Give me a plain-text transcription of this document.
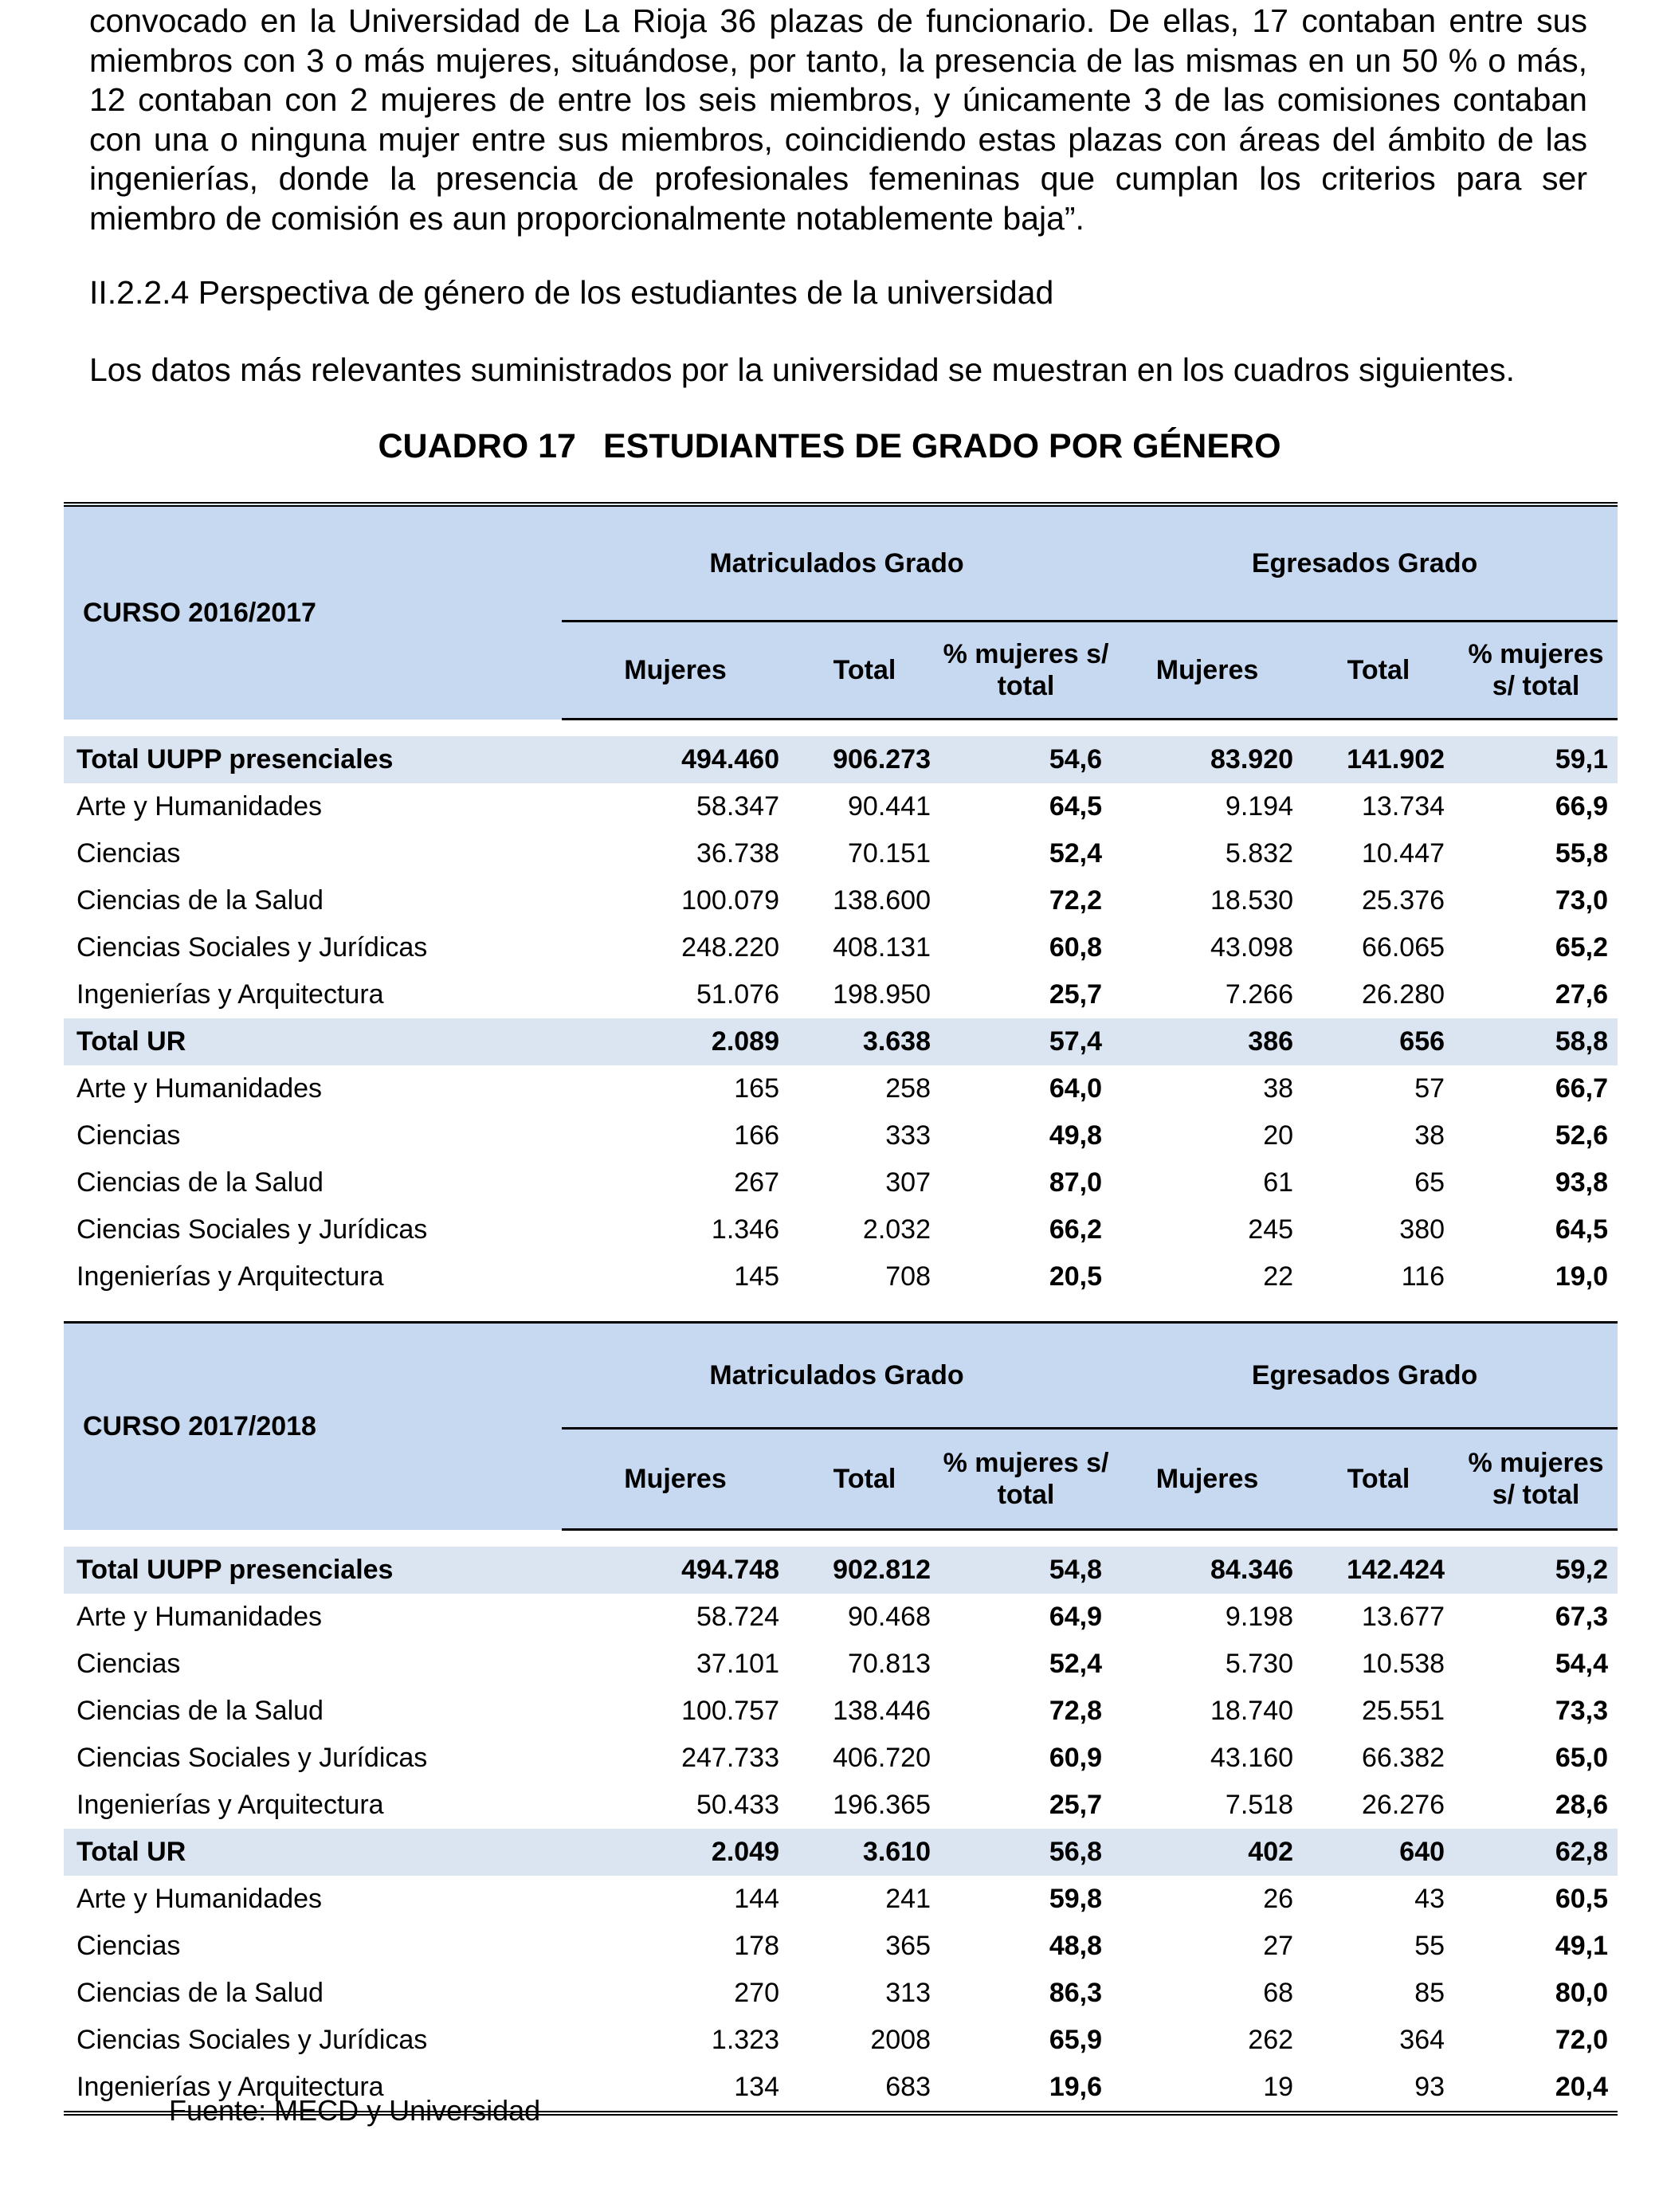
convocado en la Universidad de La Rioja 36 plazas de funcionario. De ellas, 17 contaban entre sus miembros con 3 o más mujeres, situándose, por tanto, la presencia de las mismas en un 50 % o más, 12 contaban con 2 mujeres de entre los seis miembros, y únicamente 3 de las comisiones contaban con una o ninguna mujer entre sus miembros, coincidiendo estas plazas con áreas del ámbito de las ingenierías, donde la presencia de profesionales femeninas que cumplan los criterios para ser miembro de comisión es aun proporcionalmente notablemente baja”.

II.2.2.4 Perspectiva de género de los estudiantes de la universidad

Los datos más relevantes suministrados por la universidad se muestran en los cuadros siguientes.

CUADRO 17 ESTUDIANTES DE GRADO POR GÉNERO

CURSO 2016/2017	Matriculados Grado			Egresados Grado		
	Mujeres	Total	% mujeres s/ total	Mujeres	Total	% mujeres s/ total

Total UUPP presenciales	494.460	906.273	54,6	83.920	141.902	59,1
Arte y Humanidades	58.347	90.441	64,5	9.194	13.734	66,9
Ciencias	36.738	70.151	52,4	5.832	10.447	55,8
Ciencias de la Salud	100.079	138.600	72,2	18.530	25.376	73,0
Ciencias Sociales y Jurídicas	248.220	408.131	60,8	43.098	66.065	65,2
Ingenierías y Arquitectura	51.076	198.950	25,7	7.266	26.280	27,6
Total UR	2.089	3.638	57,4	386	656	58,8
Arte y Humanidades	165	258	64,0	38	57	66,7
Ciencias	166	333	49,8	20	38	52,6
Ciencias de la Salud	267	307	87,0	61	65	93,8
Ciencias Sociales y Jurídicas	1.346	2.032	66,2	245	380	64,5
Ingenierías y Arquitectura	145	708	20,5	22	116	19,0
CURSO 2017/2018	Matriculados Grado			Egresados Grado		
	Mujeres	Total	% mujeres s/ total	Mujeres	Total	% mujeres s/ total

Total UUPP presenciales	494.748	902.812	54,8	84.346	142.424	59,2
Arte y Humanidades	58.724	90.468	64,9	9.198	13.677	67,3
Ciencias	37.101	70.813	52,4	5.730	10.538	54,4
Ciencias de la Salud	100.757	138.446	72,8	18.740	25.551	73,3
Ciencias Sociales y Jurídicas	247.733	406.720	60,9	43.160	66.382	65,0
Ingenierías y Arquitectura	50.433	196.365	25,7	7.518	26.276	28,6
Total UR	2.049	3.610	56,8	402	640	62,8
Arte y Humanidades	144	241	59,8	26	43	60,5
Ciencias	178	365	48,8	27	55	49,1
Ciencias de la Salud	270	313	86,3	68	85	80,0
Ciencias Sociales y Jurídicas	1.323	2008	65,9	262	364	72,0
Ingenierías y Arquitectura	134	683	19,6	19	93	20,4

Fuente: MECD y Universidad
